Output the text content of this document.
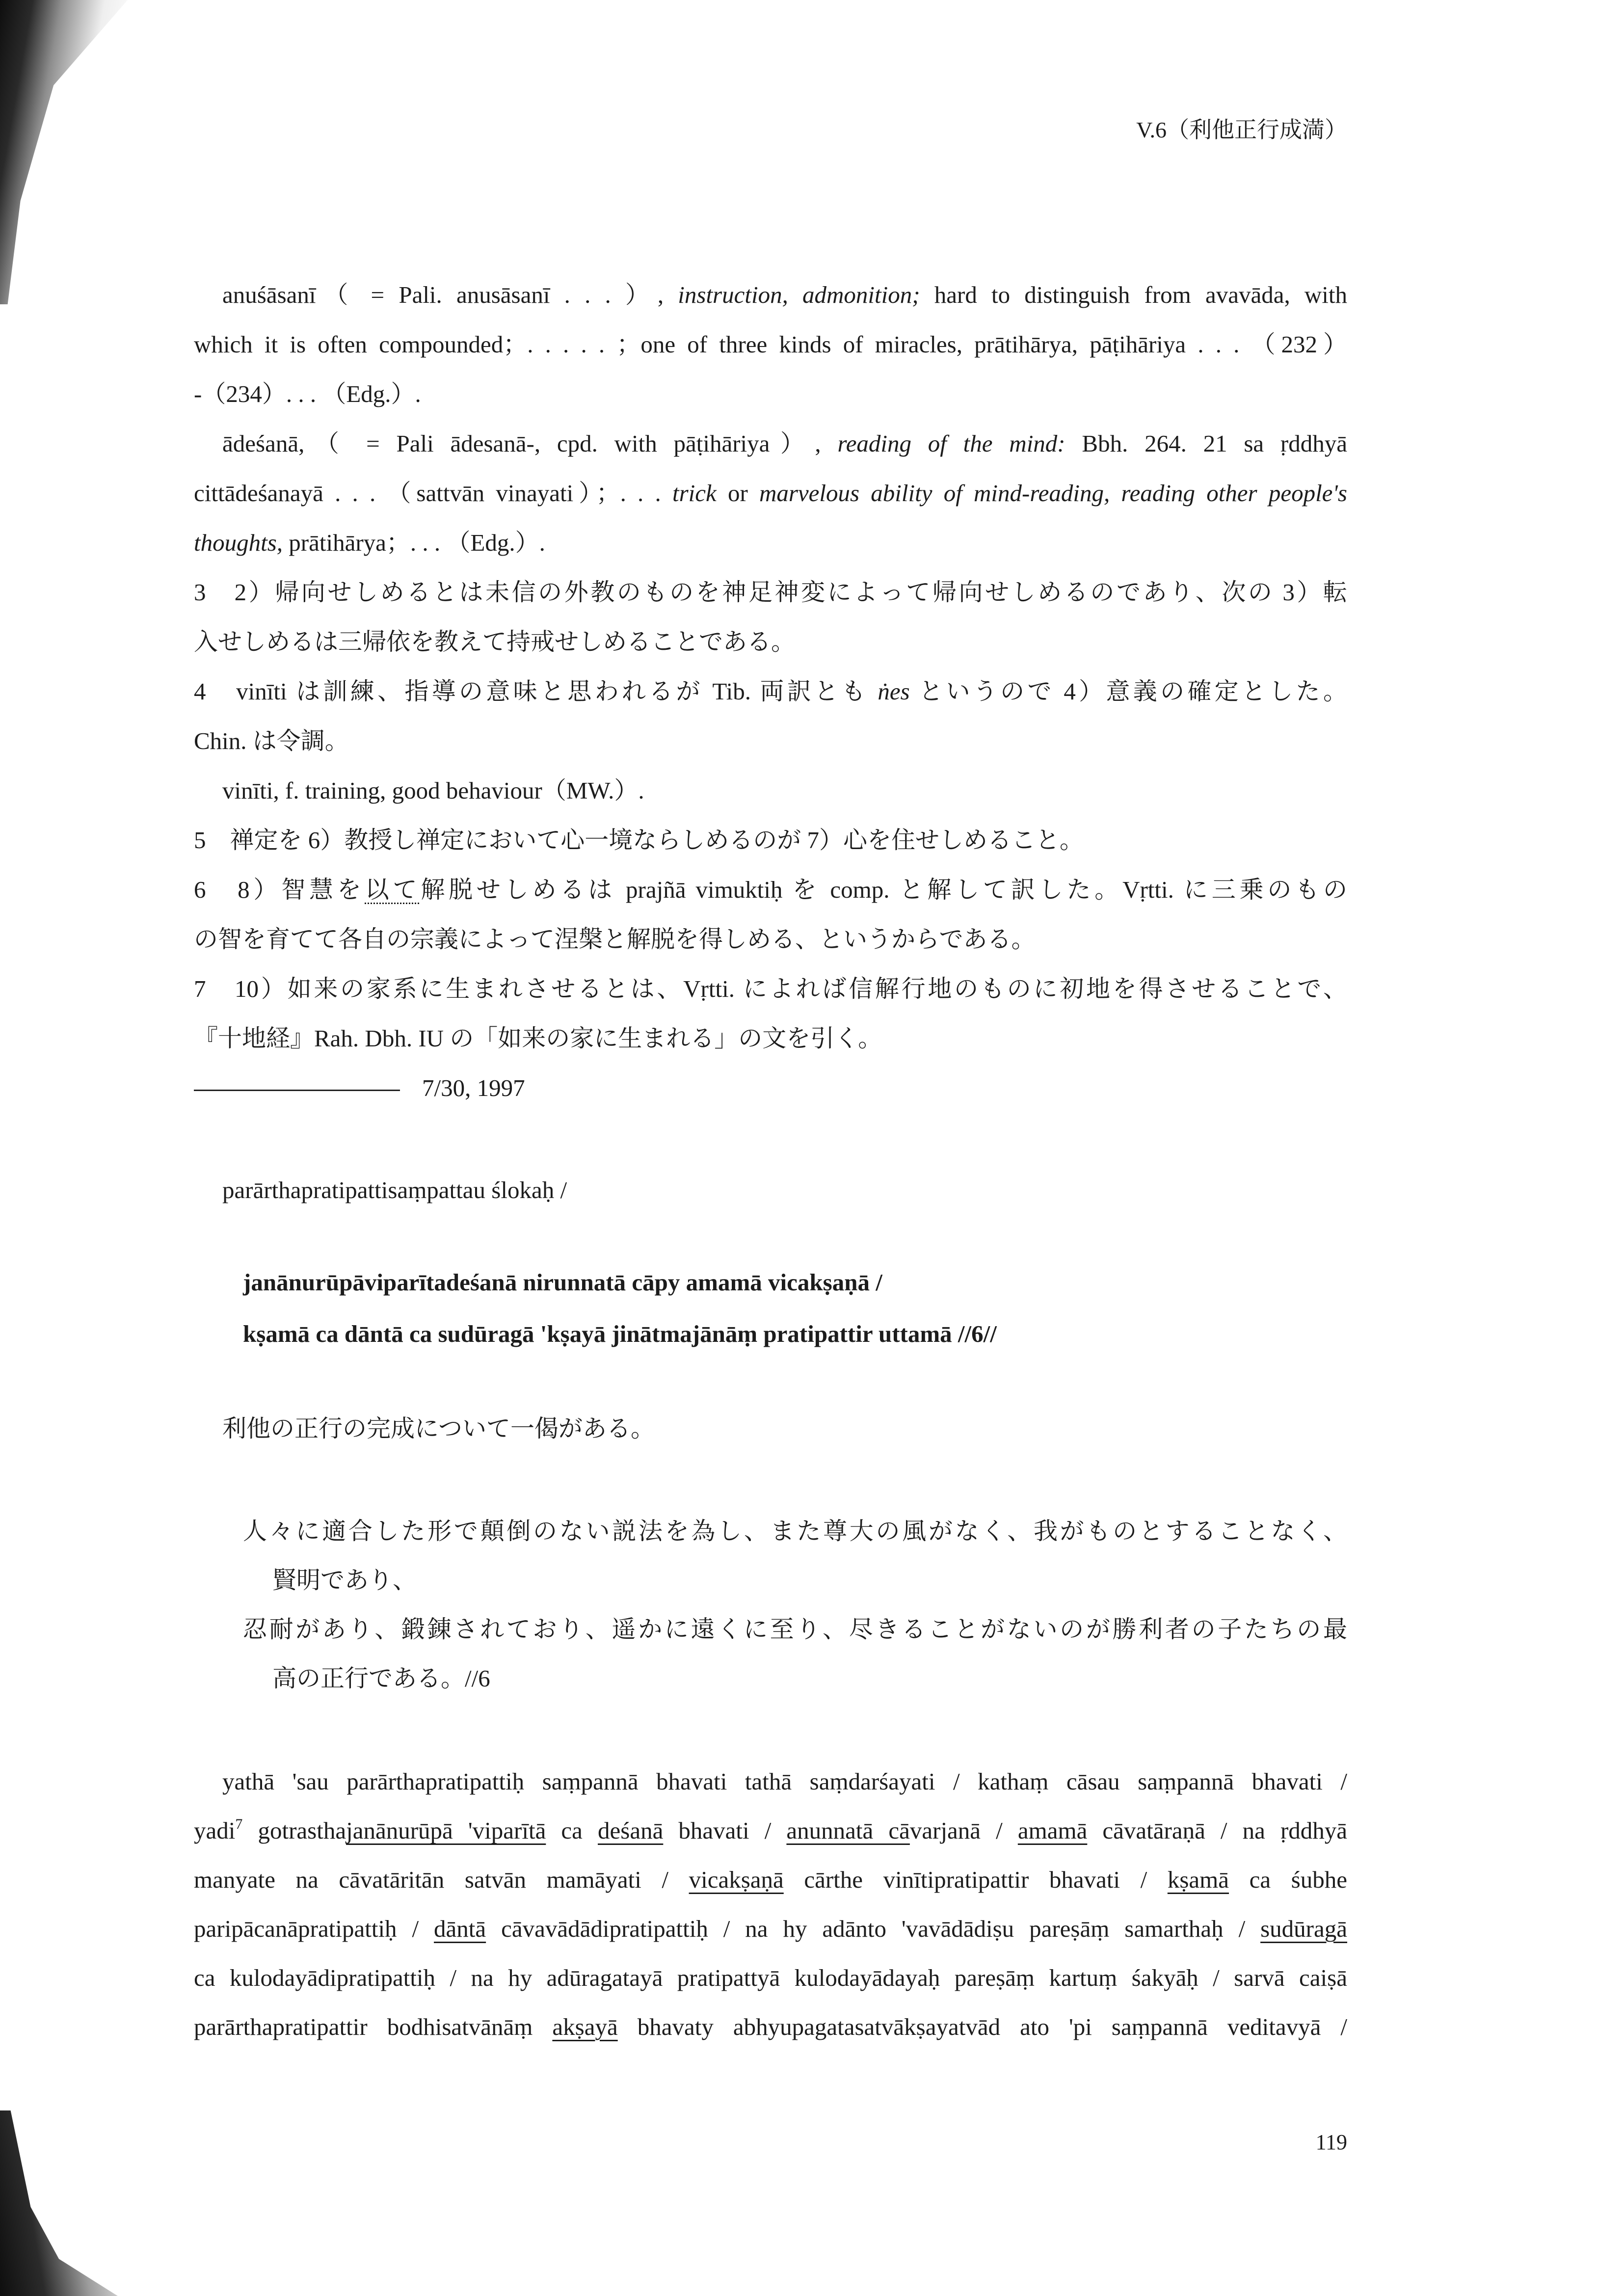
V.6（利他正行成満）
anuśāsanī（ = Pali. anusāsanī . . . ）, instruction, admonition; hard to distinguish from avavāda, with
which it is often compounded；. . . . . ；one of three kinds of miracles, prātihārya, pāṭihāriya . . . （232）
-（234）. . . （Edg.）.
ādeśanā,（ = Pali ādesanā-, cpd. with pāṭihāriya）, reading of the mind: Bbh. 264. 21 sa ṛddhyā
cittādeśanayā . . . （sattvān vinayati）；. . . trick or marvelous ability of mind-reading, reading other people's
thoughts, prātihārya；. . . （Edg.）.
3　2）帰向せしめるとは未信の外教のものを神足神変によって帰向せしめるのであり、次の 3）転
入せしめるは三帰依を教えて持戒せしめることである。
4　vinīti は訓練、指導の意味と思われるが Tib. 両訳とも ṅes というので 4）意義の確定とした。
Chin. は令調。
vinīti, f. training, good behaviour（MW.）.
5　禅定を 6）教授し禅定において心一境ならしめるのが 7）心を住せしめること。
6　8）智慧を以て解脱せしめるは prajñā vimuktiḥ を comp. と解して訳した。Vṛtti. に三乗のもの
の智を育てて各自の宗義によって涅槃と解脱を得しめる、というからである。
7　10）如来の家系に生まれさせるとは、Vṛtti. によれば信解行地のものに初地を得させることで、
『十地経』Rah. Dbh. IU の「如来の家に生まれる」の文を引く。
7/30, 1997
parārthapratipattisaṃpattau ślokaḥ /
janānurūpāviparītadeśanā nirunnatā cāpy amamā vicakṣaṇā /
kṣamā ca dāntā ca sudūragā 'kṣayā jinātmajānāṃ pratipattir uttamā //6//
利他の正行の完成について一偈がある。
人々に適合した形で顛倒のない説法を為し、また尊大の風がなく、我がものとすることなく、
賢明であり、
忍耐があり、鍛錬されており、遥かに遠くに至り、尽きることがないのが勝利者の子たちの最
高の正行である。//6
yathā 'sau parārthapratipattiḥ saṃpannā bhavati tathā saṃdarśayati / kathaṃ cāsau saṃpannā bhavati /
yadi$^7$ gotrasthajanānurūpā 'viparītā ca deśanā bhavati / anunnatā cāvarjanā / amamā cāvatāraṇā / na ṛddhyā
manyate na cāvatāritān satvān mamāyati / vicakṣaṇā cārthe vinītipratipattir bhavati / kṣamā ca śubhe
paripācanāpratipattiḥ / dāntā cāvavādādipratipattiḥ / na hy adānto 'vavādādiṣu pareṣāṃ samarthaḥ / sudūragā
ca kulodayādipratipattiḥ / na hy adūragatayā pratipattyā kulodayādayaḥ pareṣāṃ kartuṃ śakyāḥ / sarvā caiṣā
parārthapratipattir bodhisatvānāṃ akṣayā bhavaty abhyupagatasatvākṣayatvād ato 'pi saṃpannā veditavyā /
119
